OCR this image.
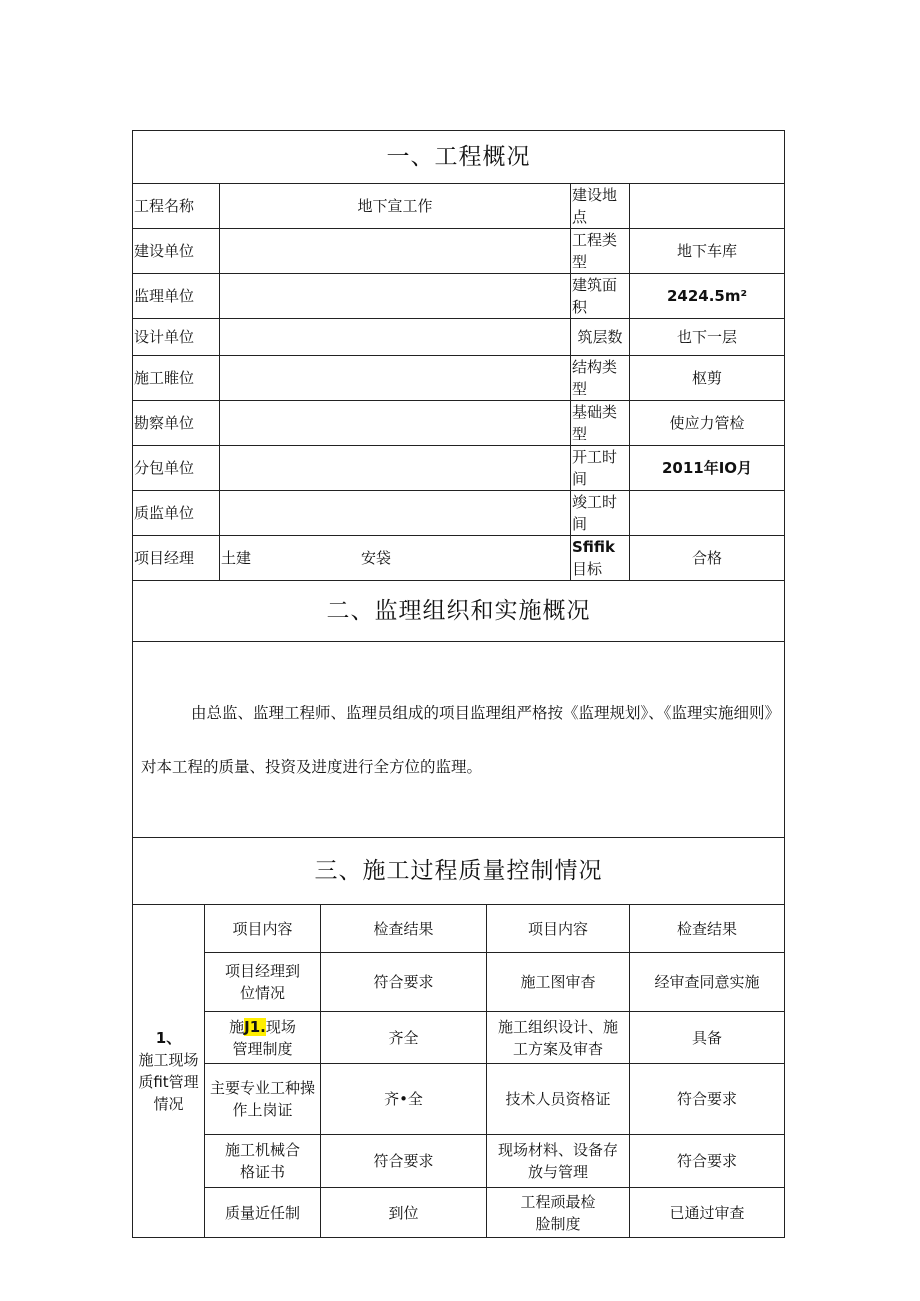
一、工程概况						
工程名称		地下宣工作			建设地点	
建设单位					工程类型	地下车库
监理单位					建筑面积	2424.5m²
设计单位					筑层数	也下一层
施工睢位					结构类型	枢剪
勘察单位					基础类型	使应力管检
分包单位					开工时间	2011年IO月
质监单位					竣工时间	
项目经理		土建 安袋			Sfifik目标	合格
二、监理组织和实施概况						
由总监、监理工程师、监理员组成的项目监理组严格按《监理规划》、《监理实施细则》对本工程的质量、投资及进度进行全方位的监理。						
三、施工过程质量控制情况						

1、
施工现场质fit管理情况	项目内容		检查结果	项目内容		检查结果
	项目经理到位情况		符合要求	施工图审杳		经审查同意实施
	施J1.现场管理制度		齐全	施工组织设计、施工方案及审杳		具备
	主要专业工种操作上岗证		齐•全	技术人员资格证		符合要求
	施工机械合格证书		符合要求	现场材料、设备存放与管理		符合要求
	质量近任制		到位	工程顽最检脸制度		已通过审查
